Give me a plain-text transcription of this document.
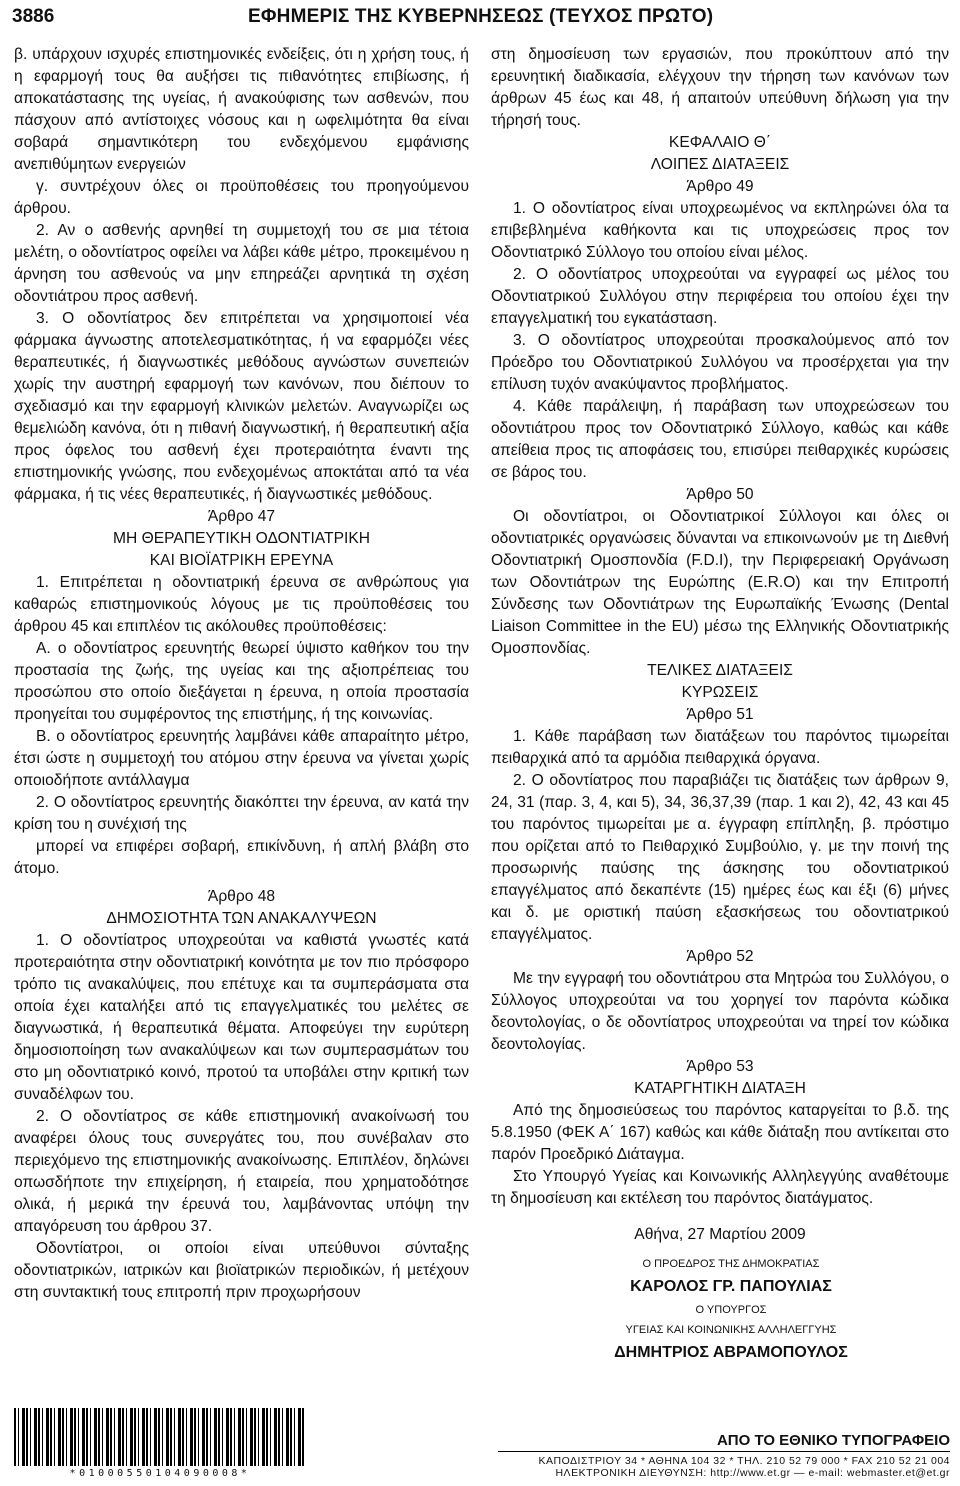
3886	ΕΦΗΜΕΡΙΣ ΤΗΣ ΚΥΒΕΡΝΗΣΕΩΣ (ΤΕΥΧΟΣ ΠΡΩΤΟ)

β. υπάρχουν ισχυρές επιστημονικές ενδείξεις, ότι η χρήση τους, ή η εφαρμογή τους θα αυξήσει τις πιθανότητες επιβίωσης, ή αποκατάστασης της υγείας, ή ανακούφισης των ασθενών, που πάσχουν από αντίστοιχες νόσους και η ωφελιμότητα θα είναι σοβαρά σημαντικότερη του ενδεχόμενου εμφάνισης ανεπιθύμητων ενεργειών

γ. συντρέχουν όλες οι προϋποθέσεις του προηγούμενου άρθρου.

2. Αν ο ασθενής αρνηθεί τη συμμετοχή του σε μια τέτοια μελέτη, ο οδοντίατρος οφείλει να λάβει κάθε μέτρο, προκειμένου η άρνηση του ασθενούς να μην επηρεάζει αρνητικά τη σχέση οδοντιάτρου προς ασθενή.

3. Ο οδοντίατρος δεν επιτρέπεται να χρησιμοποιεί νέα φάρμακα άγνωστης αποτελεσματικότητας, ή να εφαρμόζει νέες θεραπευτικές, ή διαγνωστικές μεθόδους αγνώστων συνεπειών χωρίς την αυστηρή εφαρμογή των κανόνων, που διέπουν το σχεδιασμό και την εφαρμογή κλινικών μελετών. Αναγνωρίζει ως θεμελιώδη κανόνα, ότι η πιθανή διαγνωστική, ή θεραπευτική αξία προς όφελος του ασθενή έχει προτεραιότητα έναντι της επιστημονικής γνώσης, που ενδεχομένως αποκτάται από τα νέα φάρμακα, ή τις νέες θεραπευτικές, ή διαγνωστικές μεθόδους.

Άρθρο 47

ΜΗ ΘΕΡΑΠΕΥΤΙΚΗ ΟΔΟΝΤΙΑΤΡΙΚΗ

ΚΑΙ ΒΙΟΪΑΤΡΙΚΗ ΕΡΕΥΝΑ

1. Επιτρέπεται η οδοντιατρική έρευνα σε ανθρώπους για καθαρώς επιστημονικούς λόγους με τις προϋποθέσεις του άρθρου 45 και επιπλέον τις ακόλουθες προϋποθέσεις:

Α. ο οδοντίατρος ερευνητής θεωρεί ύψιστο καθήκον του την προστασία της ζωής, της υγείας και της αξιοπρέπειας του προσώπου στο οποίο διεξάγεται η έρευνα, η οποία προστασία προηγείται του συμφέροντος της επιστήμης, ή της κοινωνίας.

Β. ο οδοντίατρος ερευνητής λαμβάνει κάθε απαραίτητο μέτρο, έτσι ώστε η συμμετοχή του ατόμου στην έρευνα να γίνεται χωρίς οποιοδήποτε αντάλλαγμα

2. Ο οδοντίατρος ερευνητής διακόπτει την έρευνα, αν κατά την κρίση του η συνέχισή της

μπορεί να επιφέρει σοβαρή, επικίνδυνη, ή απλή βλάβη στο άτομο.

Άρθρο 48

ΔΗΜΟΣΙΟΤΗΤΑ ΤΩΝ ΑΝΑΚΑΛΥΨΕΩΝ

1. Ο οδοντίατρος υποχρεούται να καθιστά γνωστές κατά προτεραιότητα στην οδοντιατρική κοινότητα με τον πιο πρόσφορο τρόπο τις ανακαλύψεις, που επέτυχε και τα συμπεράσματα στα οποία έχει καταλήξει από τις επαγγελματικές του μελέτες σε διαγνωστικά, ή θεραπευτικά θέματα. Αποφεύγει την ευρύτερη δημοσιοποίηση των ανακαλύψεων και των συμπερασμάτων του στο μη οδοντιατρικό κοινό, προτού τα υποβάλει στην κριτική των συναδέλφων του.

2. Ο οδοντίατρος σε κάθε επιστημονική ανακοίνωσή του αναφέρει όλους τους συνεργάτες του, που συνέβαλαν στο περιεχόμενο της επιστημονικής ανακοίνωσης. Επιπλέον, δηλώνει οπωσδήποτε την επιχείρηση, ή εταιρεία, που χρηματοδότησε ολικά, ή μερικά την έρευνά του, λαμβάνοντας υπόψη την απαγόρευση του άρθρου 37.

Οδοντίατροι, οι οποίοι είναι υπεύθυνοι σύνταξης οδοντιατρικών, ιατρικών και βιοϊατρικών περιοδικών, ή μετέχουν στη συντακτική τους επιτροπή πριν προχωρήσουν

στη δημοσίευση των εργασιών, που προκύπτουν από την ερευνητική διαδικασία, ελέγχουν την τήρηση των κανόνων των άρθρων 45 έως και 48, ή απαιτούν υπεύθυνη δήλωση για την τήρησή τους.

ΚΕΦΑΛΑΙΟ Θ΄

ΛΟΙΠΕΣ ΔΙΑΤΑΞΕΙΣ

Άρθρο 49

1. Ο οδοντίατρος είναι υποχρεωμένος να εκπληρώνει όλα τα επιβεβλημένα καθήκοντα και τις υποχρεώσεις προς τον Οδοντιατρικό Σύλλογο του οποίου είναι μέλος.

2. Ο οδοντίατρος υποχρεούται να εγγραφεί ως μέλος του Οδοντιατρικού Συλλόγου στην περιφέρεια του οποίου έχει την επαγγελματική του εγκατάσταση.

3. Ο οδοντίατρος υποχρεούται προσκαλούμενος από τον Πρόεδρο του Οδοντιατρικού Συλλόγου να προσέρχεται για την επίλυση τυχόν ανακύψαντος προβλήματος.

4. Κάθε παράλειψη, ή παράβαση των υποχρεώσεων του οδοντιάτρου προς τον Οδοντιατρικό Σύλλογο, καθώς και κάθε απείθεια προς τις αποφάσεις του, επισύρει πειθαρχικές κυρώσεις σε βάρος του.

Άρθρο 50

Οι οδοντίατροι, οι Οδοντιατρικοί Σύλλογοι και όλες οι οδοντιατρικές οργανώσεις δύνανται να επικοινωνούν με τη Διεθνή Οδοντιατρική Ομοσπονδία (F.D.I), την Περιφερειακή Οργάνωση των Οδοντιάτρων της Ευρώπης (E.R.O) και την Επιτροπή Σύνδεσης των Οδοντιάτρων της Ευρωπαϊκής Ένωσης (Dental Liaison Committee in the EU) μέσω της Ελληνικής Οδοντιατρικής Ομοσπονδίας.

ΤΕΛΙΚΕΣ ΔΙΑΤΑΞΕΙΣ

ΚΥΡΩΣΕΙΣ

Άρθρο 51

1. Κάθε παράβαση των διατάξεων του παρόντος τιμωρείται πειθαρχικά από τα αρμόδια πειθαρχικά όργανα.

2. Ο οδοντίατρος που παραβιάζει τις διατάξεις των άρθρων 9, 24, 31 (παρ. 3, 4, και 5), 34, 36,37,39 (παρ. 1 και 2), 42, 43 και 45 του παρόντος τιμωρείται με α. έγγραφη επίπληξη, β. πρόστιμο που ορίζεται από το Πειθαρχικό Συμβούλιο, γ. με την ποινή της προσωρινής παύσης της άσκησης του οδοντιατρικού επαγγέλματος από δεκαπέντε (15) ημέρες έως και έξι (6) μήνες και δ. με οριστική παύση εξασκήσεως του οδοντιατρικού επαγγέλματος.

Άρθρο 52

Με την εγγραφή του οδοντιάτρου στα Μητρώα του Συλλόγου, ο Σύλλογος υποχρεούται να του χορηγεί τον παρόντα κώδικα δεοντολογίας, ο δε οδοντίατρος υποχρεούται να τηρεί τον κώδικα δεοντολογίας.

Άρθρο 53

ΚΑΤΑΡΓΗΤΙΚΗ ΔΙΑΤΑΞΗ

Από της δημοσιεύσεως του παρόντος καταργείται το β.δ. της 5.8.1950 (ΦΕΚ Α΄ 167) καθώς και κάθε διάταξη που αντίκειται στο παρόν Προεδρικό Διάταγμα.

Στο Υπουργό Υγείας και Κοινωνικής Αλληλεγγύης αναθέτουμε τη δημοσίευση και εκτέλεση του παρόντος διατάγματος.

Αθήνα, 27 Μαρτίου 2009

Ο ΠΡΟΕΔΡΟΣ ΤΗΣ ΔΗΜΟΚΡΑΤΙΑΣ

ΚΑΡΟΛΟΣ ΓΡ. ΠΑΠΟΥΛΙΑΣ

Ο ΥΠΟΥΡΓΟΣ

ΥΓΕΙΑΣ ΚΑΙ ΚΟΙΝΩΝΙΚΗΣ ΑΛΛΗΛΕΓΓΥΗΣ

ΔΗΜΗΤΡΙΟΣ ΑΒΡΑΜΟΠΟΥΛΟΣ

*01000550104090008*
ΑΠΟ ΤΟ ΕΘΝΙΚΟ ΤΥΠΟΓΡΑΦΕΙΟ
ΚΑΠΟΔΙΣΤΡΙΟΥ 34 * ΑΘΗΝΑ 104 32 * ΤΗΛ. 210 52 79 000 * FAX 210 52 21 004
ΗΛΕΚΤΡΟΝΙΚΗ ΔΙΕΥΘΥΝΣΗ: http://www.et.gr — e-mail: webmaster.et@et.gr
